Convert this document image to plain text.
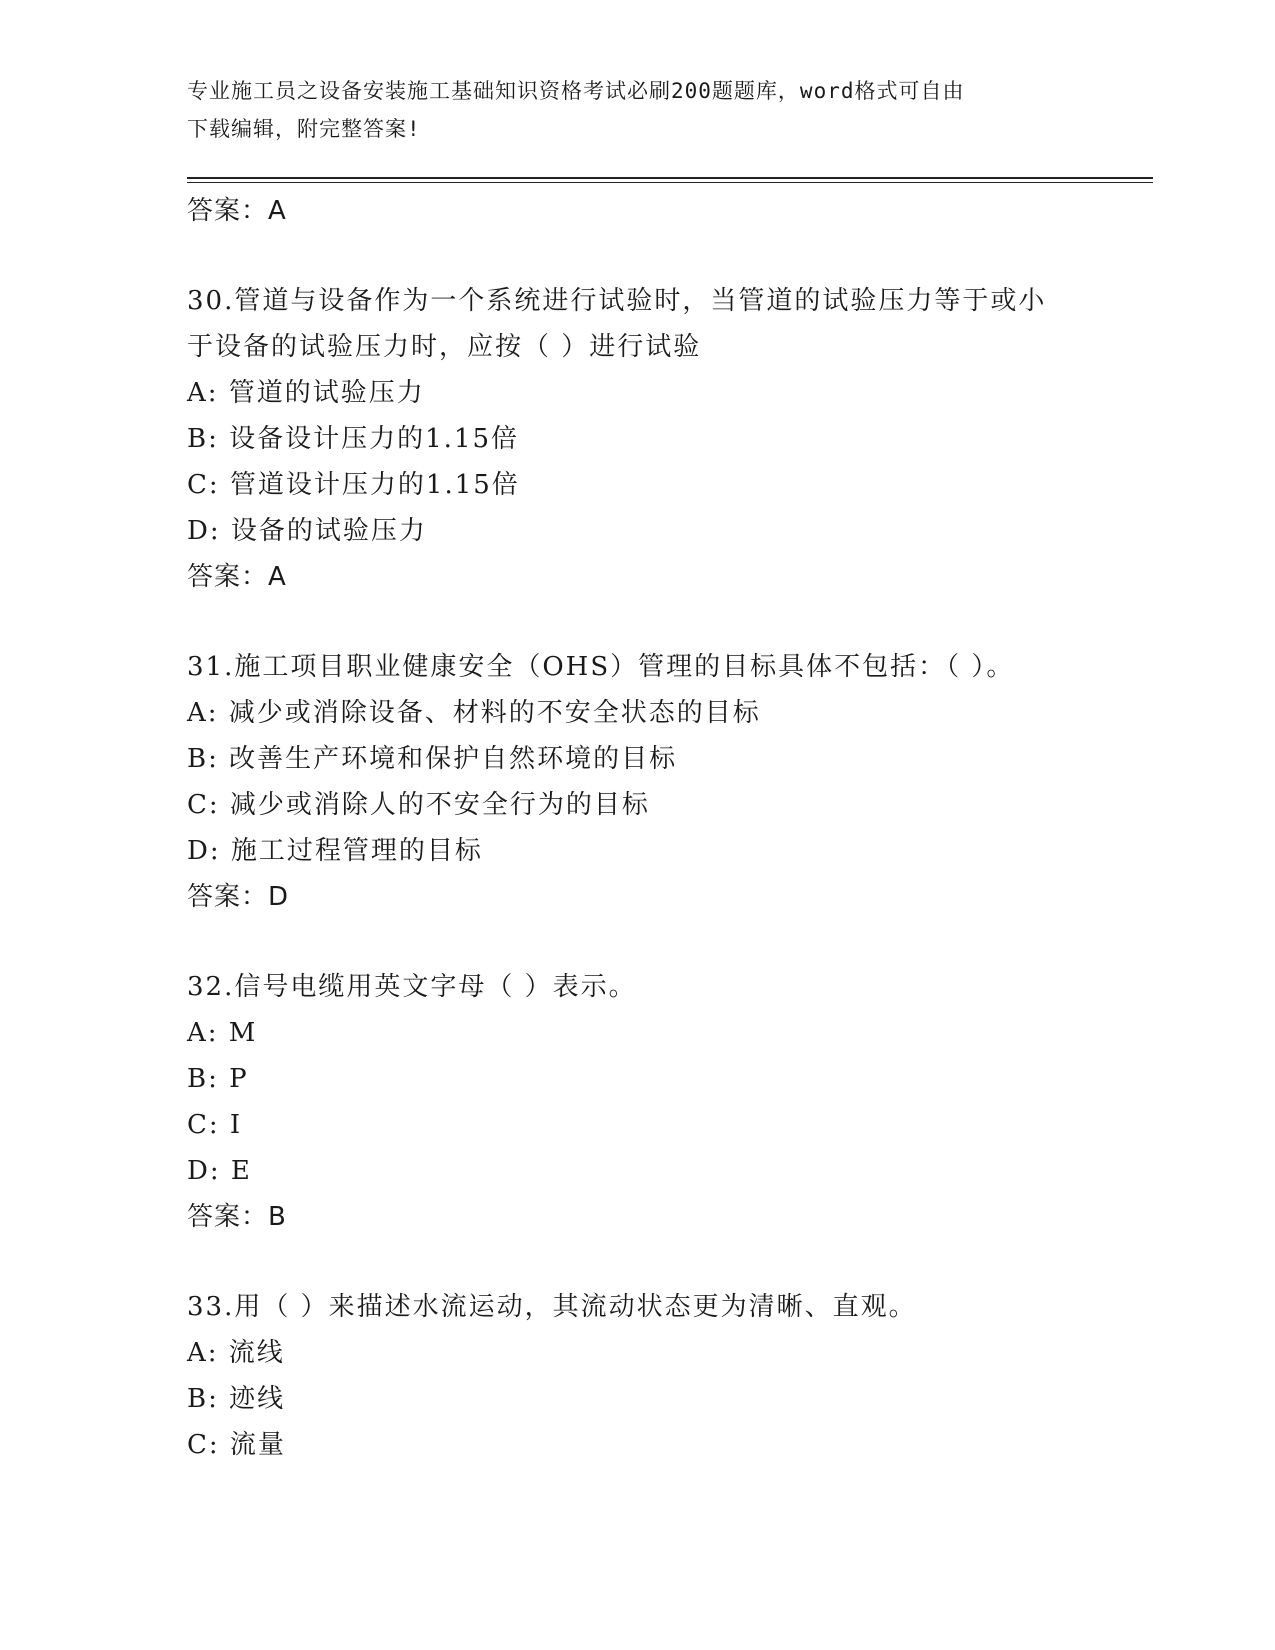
专业施工员之设备安装施工基础知识资格考试必刷200题题库，word格式可自由
下载编辑，附完整答案!
答案：A
30.管道与设备作为一个系统进行试验时，当管道的试验压力等于或小
于设备的试验压力时，应按（ ）进行试验
A: 管道的试验压力
B: 设备设计压力的1.15倍
C: 管道设计压力的1.15倍
D: 设备的试验压力
答案：A
31.施工项目职业健康安全（OHS）管理的目标具体不包括：（ ）。
A: 减少或消除设备、材料的不安全状态的目标
B: 改善生产环境和保护自然环境的目标
C: 减少或消除人的不安全行为的目标
D: 施工过程管理的目标
答案：D
32.信号电缆用英文字母（ ）表示。
A: M
B: P
C: I
D: E
答案：B
33.用（ ）来描述水流运动，其流动状态更为清晰、直观。
A: 流线
B: 迹线
C: 流量
